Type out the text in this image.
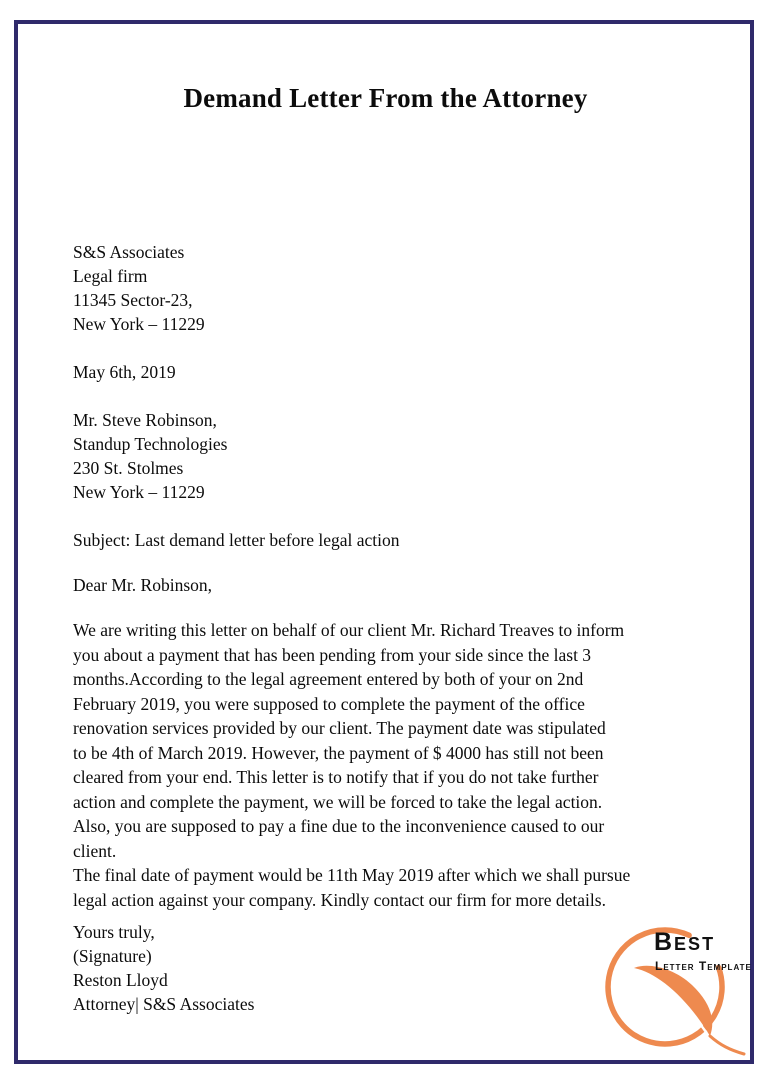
Demand Letter From the Attorney
S&S Associates
Legal firm
11345 Sector-23,
New York – 11229
May 6th, 2019
Mr. Steve Robinson,
Standup Technologies
230 St. Stolmes
New York – 11229
Subject: Last demand letter before legal action
Dear Mr. Robinson,
We are writing this letter on behalf of our client Mr. Richard Treaves to inform
you about a payment that has been pending from your side since the last 3
months.According to the legal agreement entered by both of your on 2nd
February 2019, you were supposed to complete the payment of the office
renovation services provided by our client. The payment date was stipulated
to be 4th of March 2019. However, the payment of $ 4000 has still not been
cleared from your end. This letter is to notify that if you do not take further
action and complete the payment, we will be forced to take the legal action.
Also, you are supposed to pay a fine due to the inconvenience caused to our
client.
The final date of payment would be 11th May 2019 after which we shall pursue
legal action against your company. Kindly contact our firm for more details.
Yours truly,
(Signature)
Reston Lloyd
Attorney| S&S Associates
Best
Letter Template
